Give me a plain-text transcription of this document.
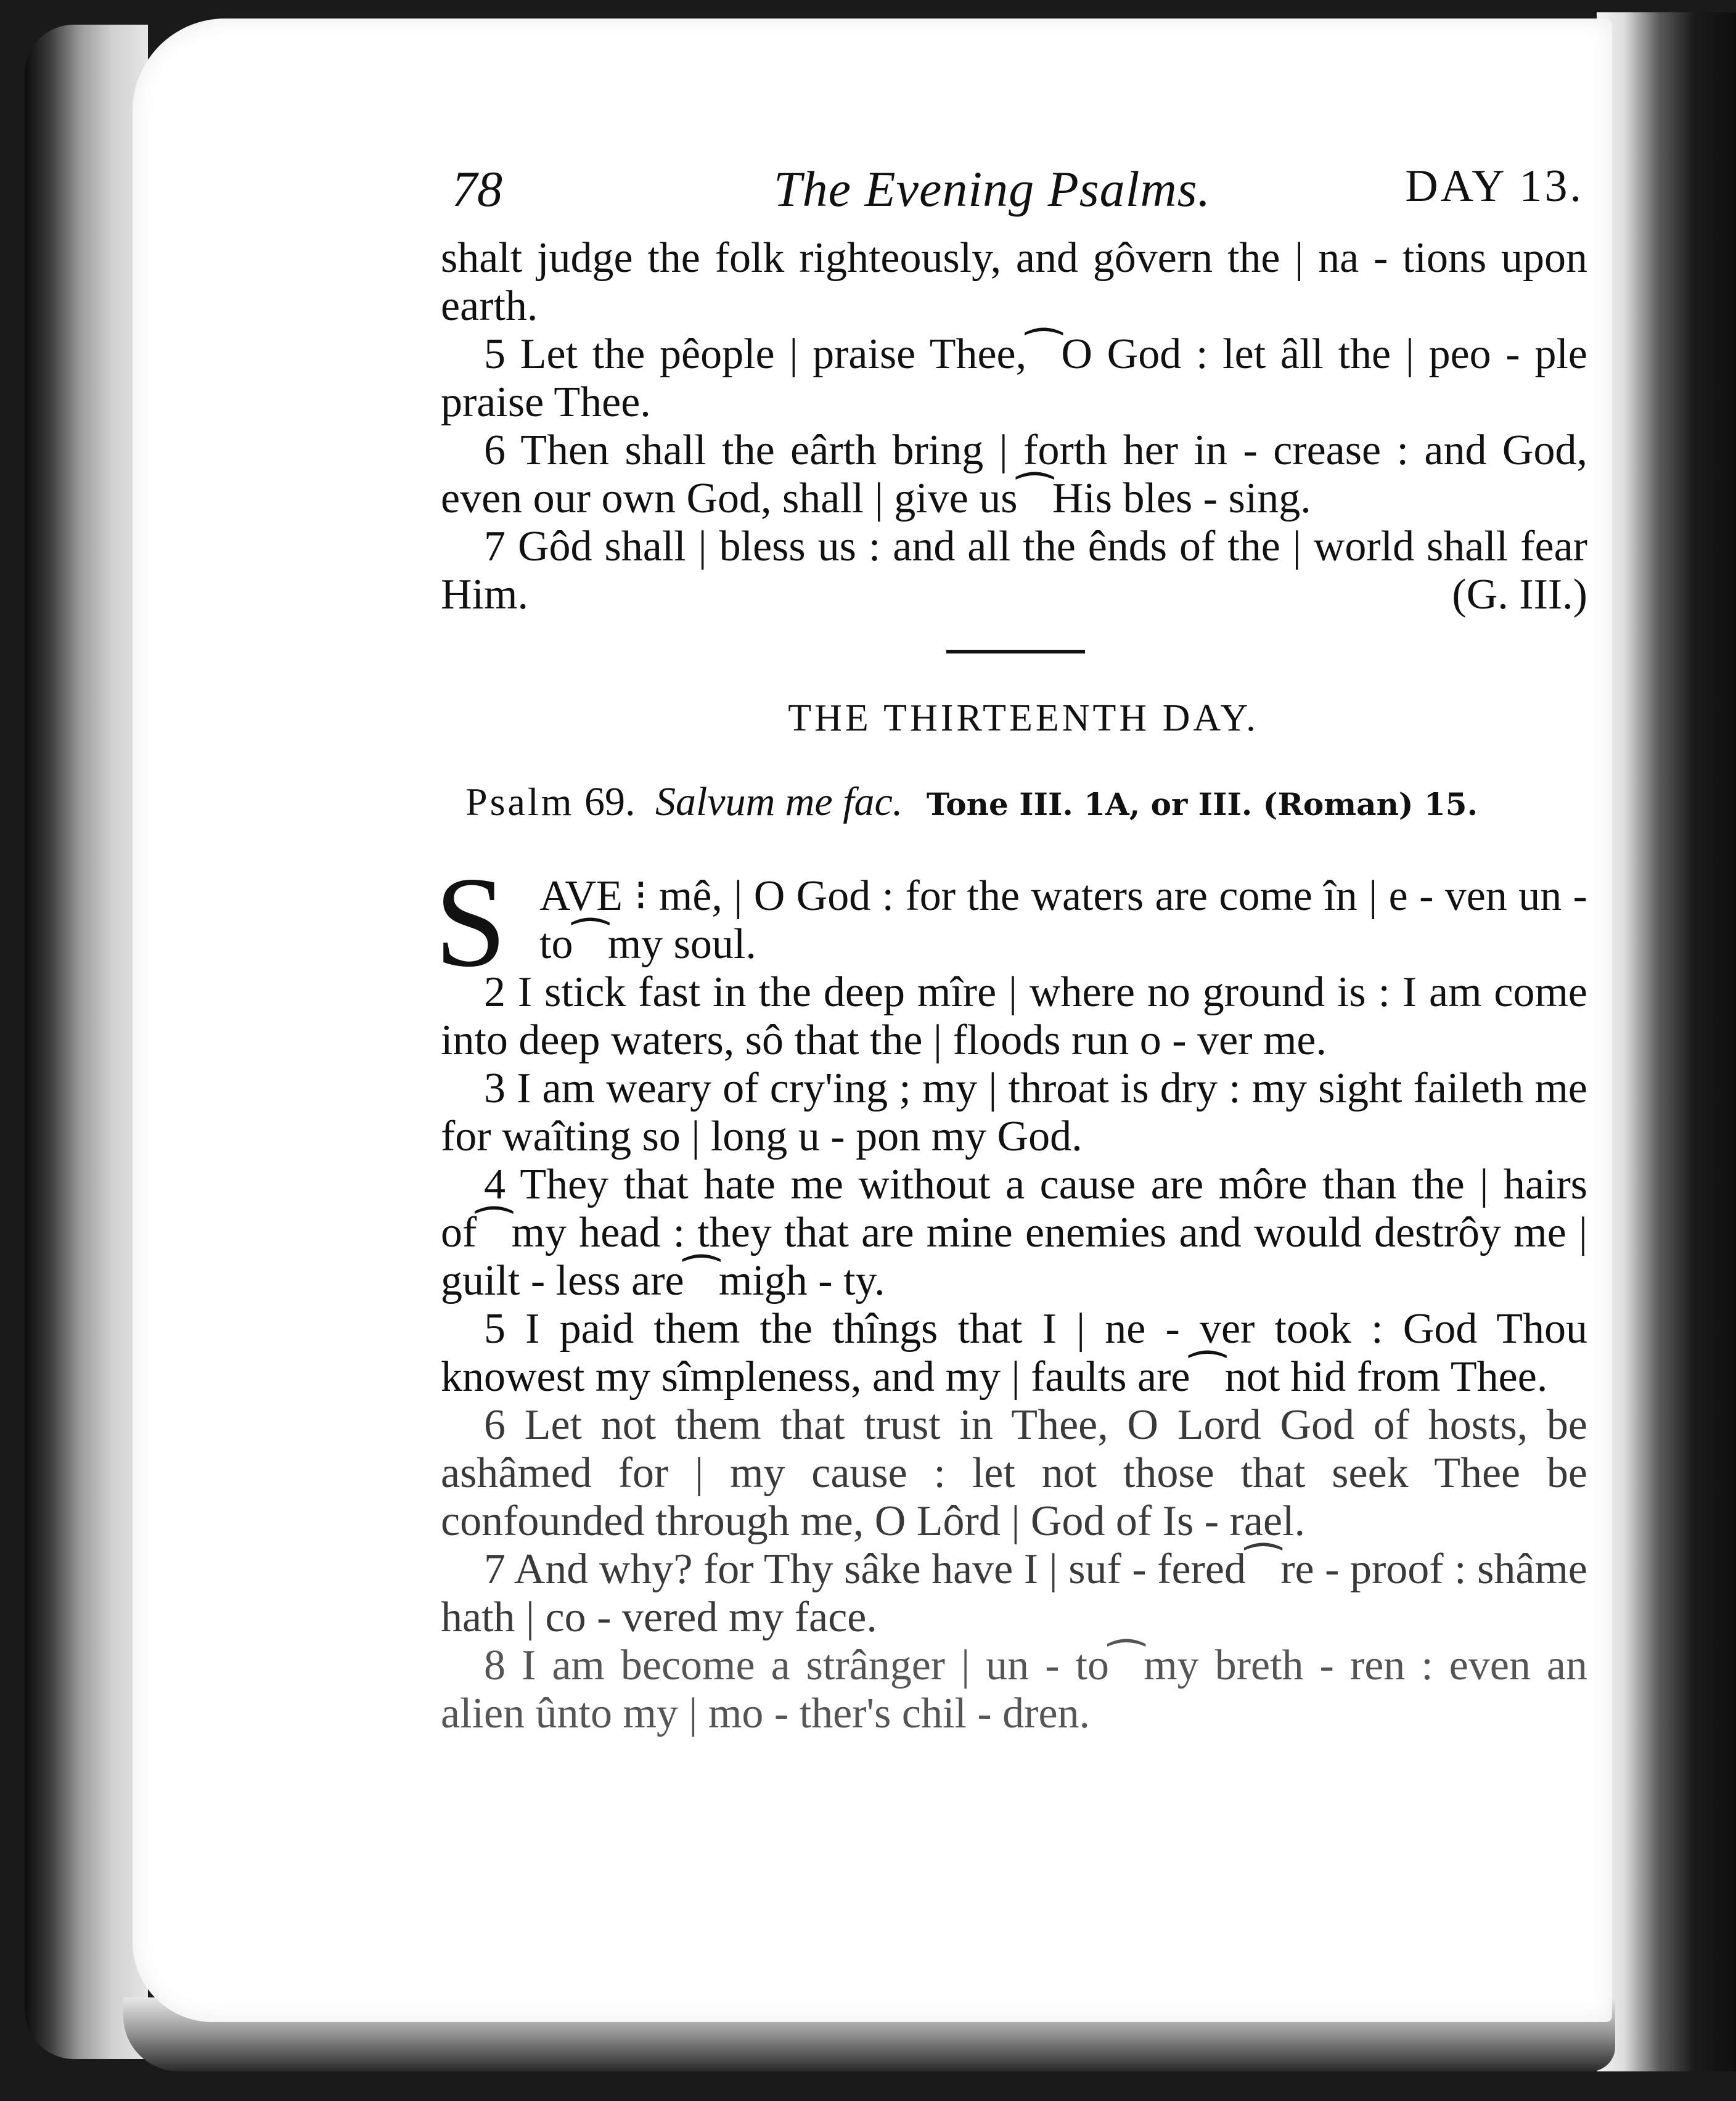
78	The Evening Psalms.	DAY 13.

shalt judge the folk righteously, and gôvern the | na - tions upon earth.

5 Let the pêople | praise Thee,⁀O God : let âll the | peo - ple praise Thee.

6 Then shall the eârth bring | forth her in - crease : and God, even our own God, shall | give us⁀His bles - sing.

7 Gôd shall | bless us : and all the ênds of the | world shall fear Him.	(G. III.)

THE THIRTEENTH DAY.
Psalm 69. Salvum me fac. Tone III. 1A, or III. (Roman) 15.

S AVE ⁝ mê, | O God : for the waters are come în | e - ven un - to⁀my soul.

2 I stick fast in the deep mîre | where no ground is : I am come into deep waters, sô that the | floods run o - ver me.

3 I am weary of cry'ing ; my | throat is dry : my sight faileth me for waîting so | long u - pon my God.

4 They that hate me without a cause are môre than the | hairs of⁀my head : they that are mine enemies and would destrôy me | guilt - less are⁀migh - ty.

5 I paid them the thîngs that I | ne - ver took : God Thou knowest my sîmpleness, and my | faults are⁀not hid from Thee.

6 Let not them that trust in Thee, O Lord God of hosts, be ashâmed for | my cause : let not those that seek Thee be confounded through me, O Lôrd | God of Is - rael.

7 And why? for Thy sâke have I | suf - fered⁀re - proof : shâme hath | co - vered my face.

8 I am become a strânger | un - to⁀my breth - ren : even an alien ûnto my | mo - ther's chil - dren.
